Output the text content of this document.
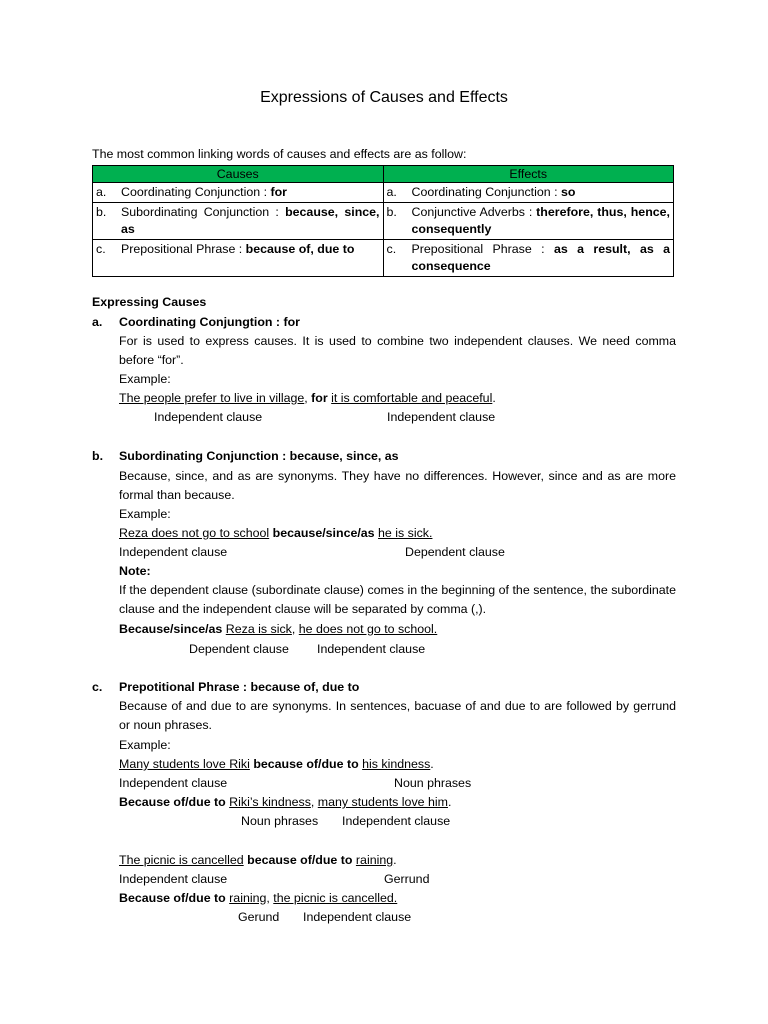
Expressions of Causes and Effects
The most common linking words of causes and effects are as follow:
Causes	Effects

a. Coordinating Conjunction : for	a. Coordinating Conjunction : so

b. Subordinating Conjunction : because, since, as	b. Conjunctive Adverbs : therefore, thus, hence, consequently

c. Prepositional Phrase : because of, due to	c. Prepositional Phrase : as a result, as a consequence
Expressing Causes
a. Coordinating Conjungtion : for
For is used to express causes. It is used to combine two independent clauses. We need comma before “for”.
Example:
The people prefer to live in village, for it is comfortable and peaceful.
Independent clause	Independent clause
b. Subordinating Conjunction : because, since, as
Because, since, and as are synonyms. They have no differences. However, since and as are more formal than because.
Example:
Reza does not go to school because/since/as he is sick.
Independent clause	Dependent clause
Note:
If the dependent clause (subordinate clause) comes in the beginning of the sentence, the subordinate clause and the independent clause will be separated by comma (,).
Because/since/as Reza is sick, he does not go to school.
Dependent clause Independent clause
c. Prepotitional Phrase : because of, due to
Because of and due to are synonyms. In sentences, bacuase of and due to are followed by gerrund or noun phrases.
Example:
Many students love Riki because of/due to his kindness.
Independent clause	Noun phrases
Because of/due to Riki’s kindness, many students love him.
Noun phrases Independent clause
The picnic is cancelled because of/due to raining.
Independent clause	Gerrund
Because of/due to raining, the picnic is cancelled.
Gerund Independent clause
